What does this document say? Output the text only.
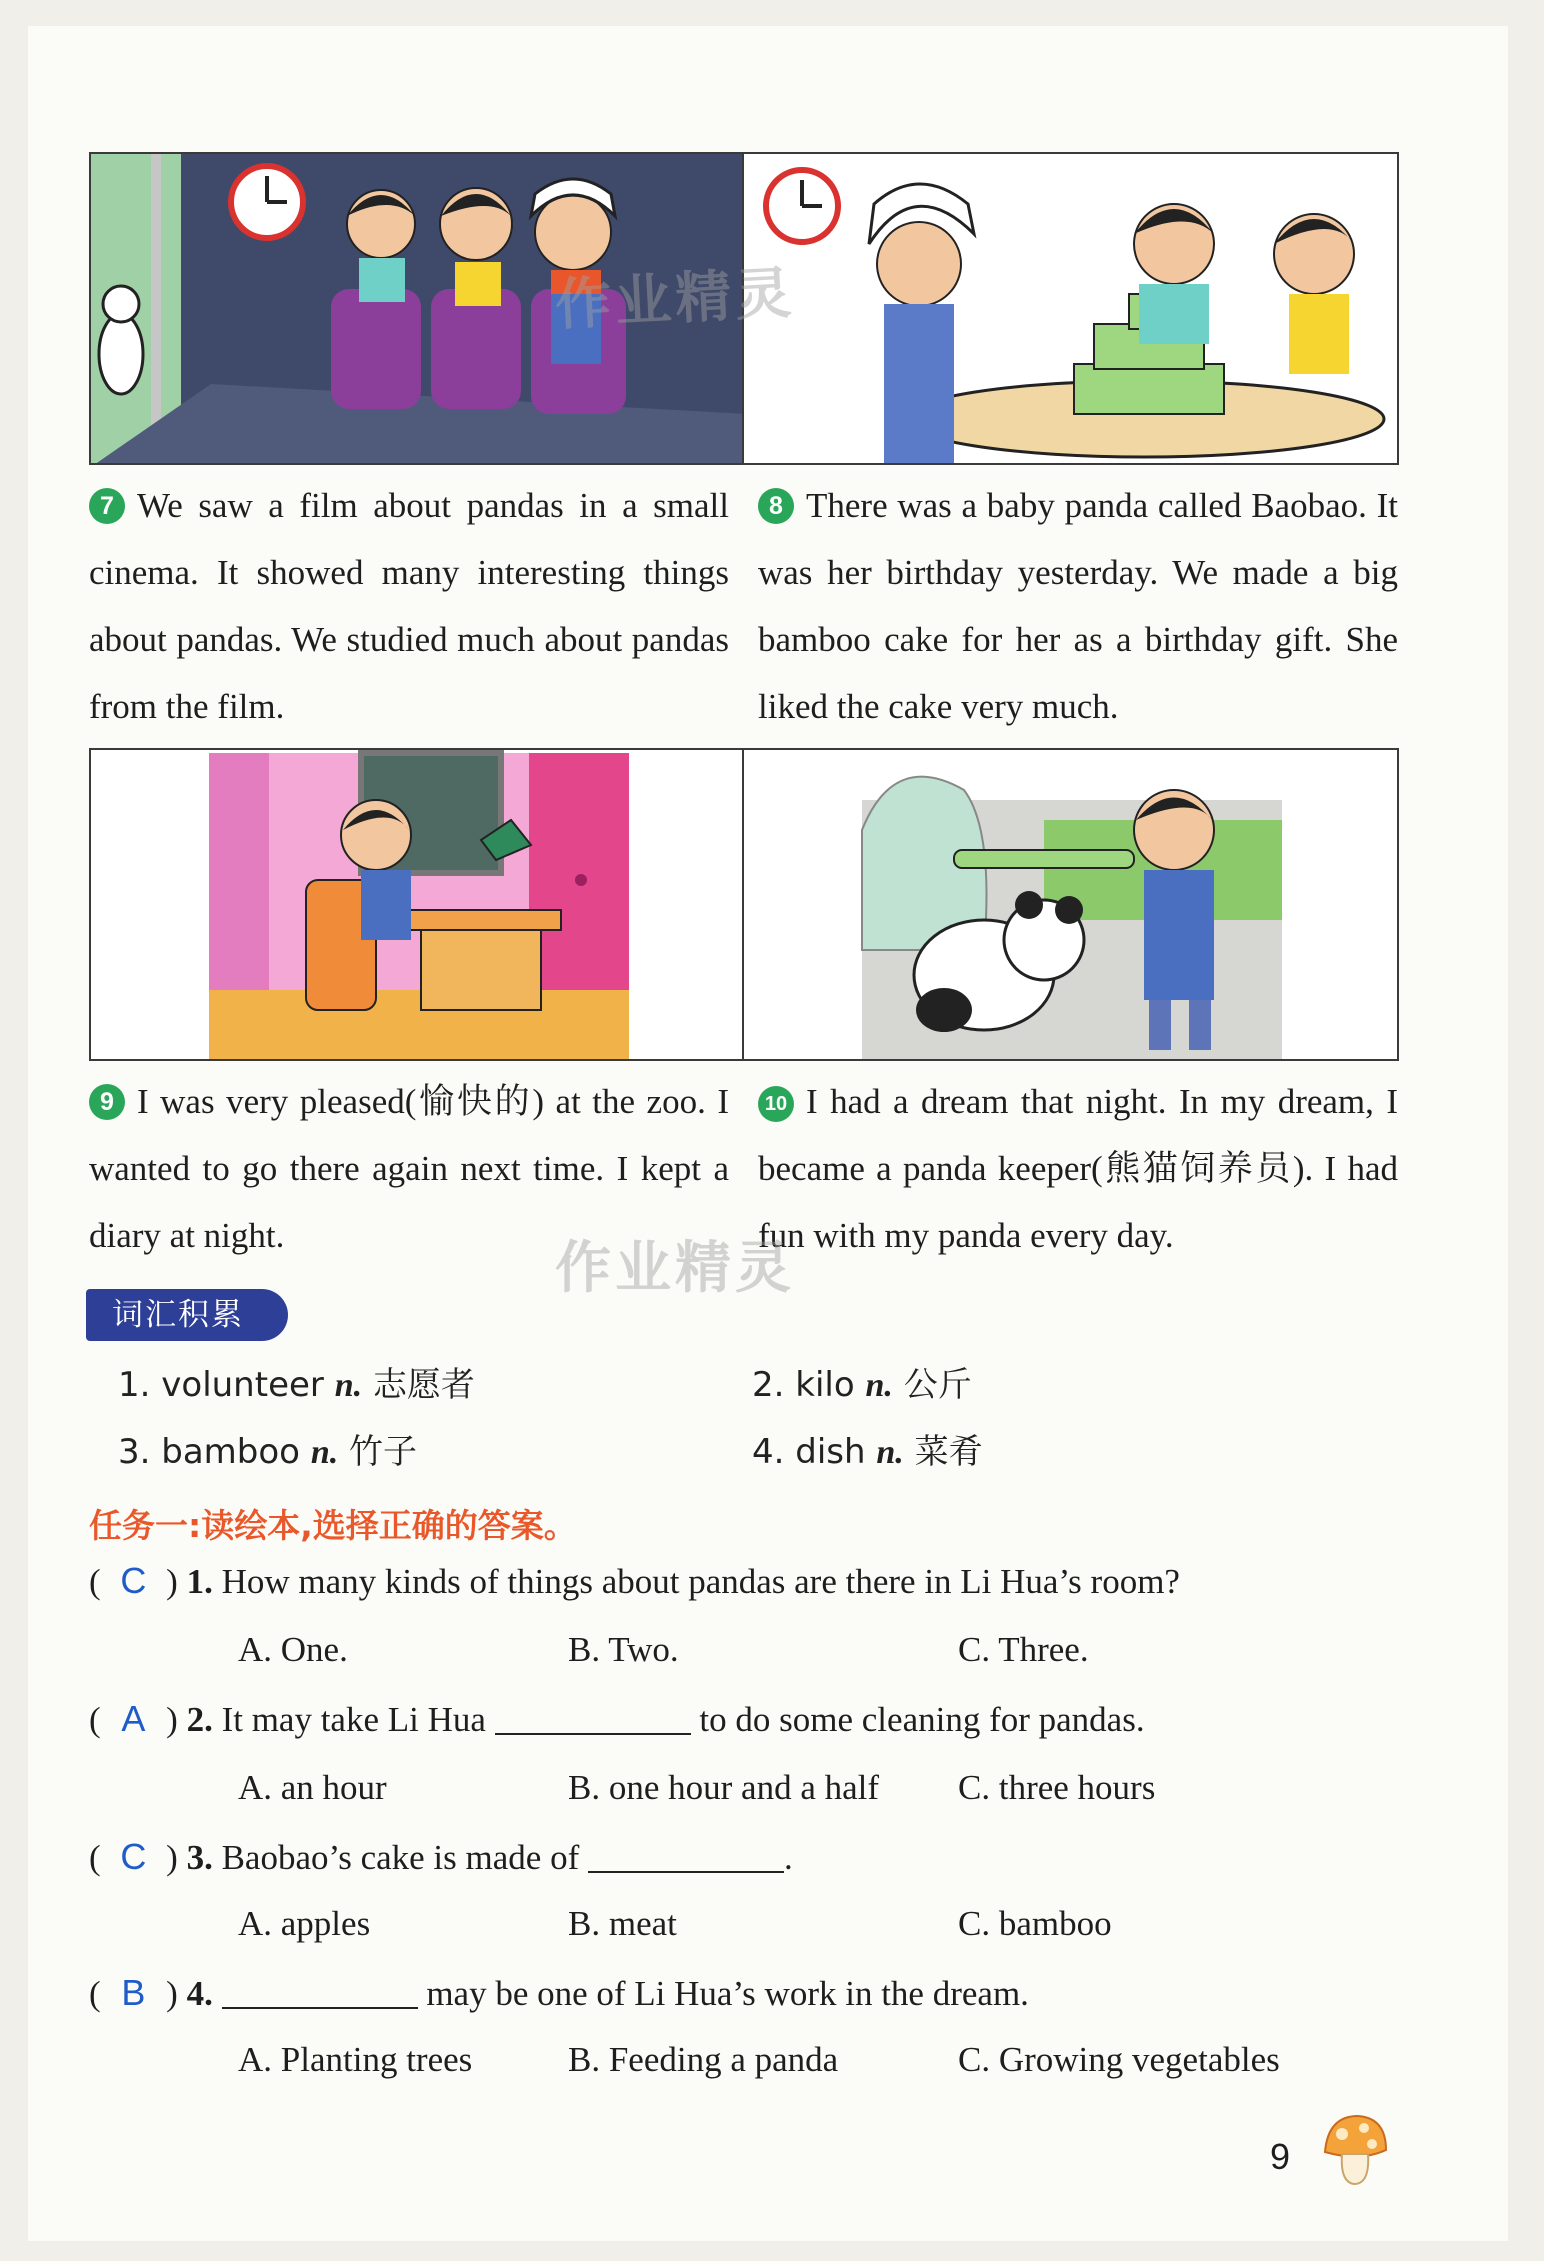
7 We saw a film about pandas in a small cinema. It showed many interesting things about pandas. We studied much about pandas from the film.
8 There was a baby panda called Baobao. It was her birthday yesterday. We made a big bamboo cake for her as a birthday gift. She liked the cake very much.
9 I was very pleased(愉快的) at the zoo. I wanted to go there again next time. I kept a diary at night.
10 I had a dream that night. In my dream, I became a panda keeper(熊猫饲养员). I had fun with my panda every day.
作业精灵
作业精灵
词汇积累
1. volunteer n. 志愿者	2. kilo n. 公斤
3. bamboo n. 竹子	4. dish n. 菜肴
任务一:读绘本,选择正确的答案。
( C ) 1. How many kinds of things about pandas are there in Li Hua’s room?
A. One.	B. Two.	C. Three.
( A ) 2. It may take Li Hua	to do some cleaning for pandas.
A. an hour	B. one hour and a half C. three hours
( C ) 3. Baobao’s cake is made of	.
A. apples	B. meat	C. bamboo
( B ) 4.	may be one of Li Hua’s work in the dream.
A. Planting trees	B. Feeding a panda	C. Growing vegetables
9
